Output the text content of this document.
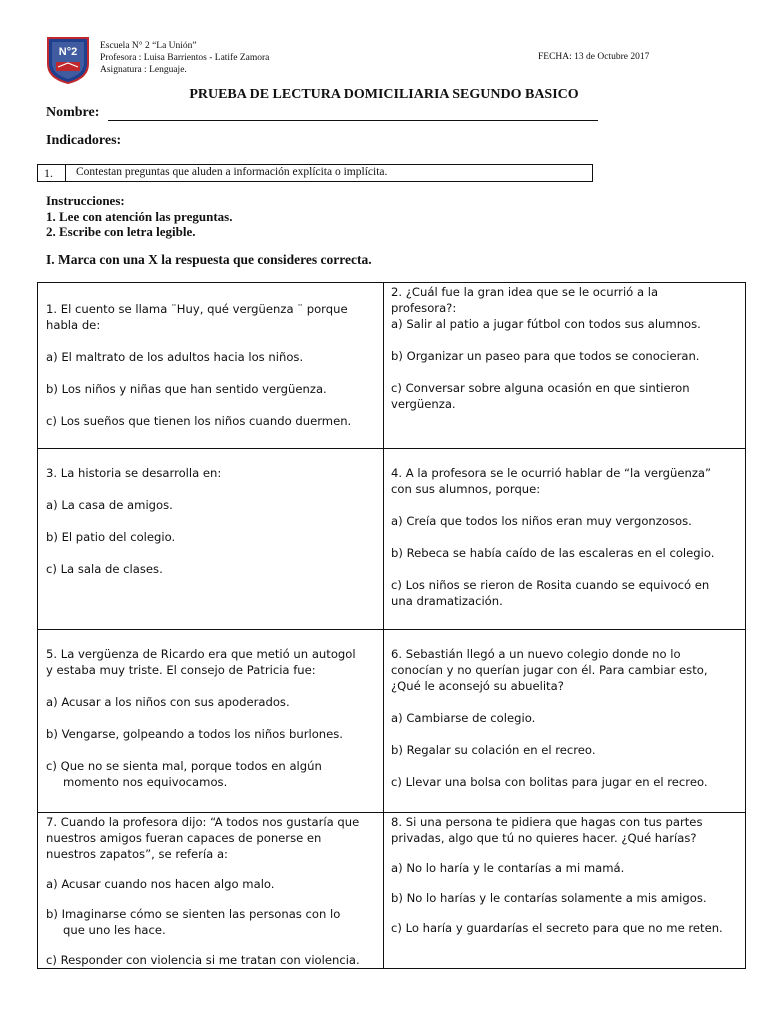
N°2 Escuela N° 2 “La Unión”
Profesora : Luisa Barrientos - Latife Zamora
Asignatura : Lenguaje.
FECHA: 13 de Octubre 2017
PRUEBA DE LECTURA DOMICILIARIA SEGUNDO BASICO
Nombre:
Indicadores:
1.	Contestan preguntas que aluden a información explícita o implícita.
Instrucciones:
1. Lee con atención las preguntas.
2. Escribe con letra legible.
I. Marca con una X la respuesta que consideres correcta.

1. El cuento se llama ¨Huy, qué vergüenza ¨ porque

habla de:

a) El maltrato de los adultos hacia los niños.

b) Los niños y niñas que han sentido vergüenza.

c) Los sueños que tienen los niños cuando duermen.

2. ¿Cuál fue la gran idea que se le ocurrió a la

profesora?:

a) Salir al patio a jugar fútbol con todos sus alumnos.

b) Organizar un paseo para que todos se conocieran.

c) Conversar sobre alguna ocasión en que sintieron

vergüenza.

3. La historia se desarrolla en:

a) La casa de amigos.

b) El patio del colegio.

c) La sala de clases.

4. A la profesora se le ocurrió hablar de “la vergüenza”

con sus alumnos, porque:

a) Creía que todos los niños eran muy vergonzosos.

b) Rebeca se había caído de las escaleras en el colegio.

c) Los niños se rieron de Rosita cuando se equivocó en

una dramatización.

5. La vergüenza de Ricardo era que metió un autogol

y estaba muy triste. El consejo de Patricia fue:

a) Acusar a los niños con sus apoderados.

b) Vengarse, golpeando a todos los niños burlones.

c) Que no se sienta mal, porque todos en algún

momento nos equivocamos.

6. Sebastián llegó a un nuevo colegio donde no lo

conocían y no querían jugar con él. Para cambiar esto,

¿Qué le aconsejó su abuelita?

a) Cambiarse de colegio.

b) Regalar su colación en el recreo.

c) Llevar una bolsa con bolitas para jugar en el recreo.

7. Cuando la profesora dijo: “A todos nos gustaría que

nuestros amigos fueran capaces de ponerse en

nuestros zapatos”, se refería a:

a) Acusar cuando nos hacen algo malo.

b) Imaginarse cómo se sienten las personas con lo

que uno les hace.

c) Responder con violencia si me tratan con violencia.

8. Si una persona te pidiera que hagas con tus partes

privadas, algo que tú no quieres hacer. ¿Qué harías?

a) No lo haría y le contarías a mi mamá.

b) No lo harías y le contarías solamente a mis amigos.

c) Lo haría y guardarías el secreto para que no me reten.
